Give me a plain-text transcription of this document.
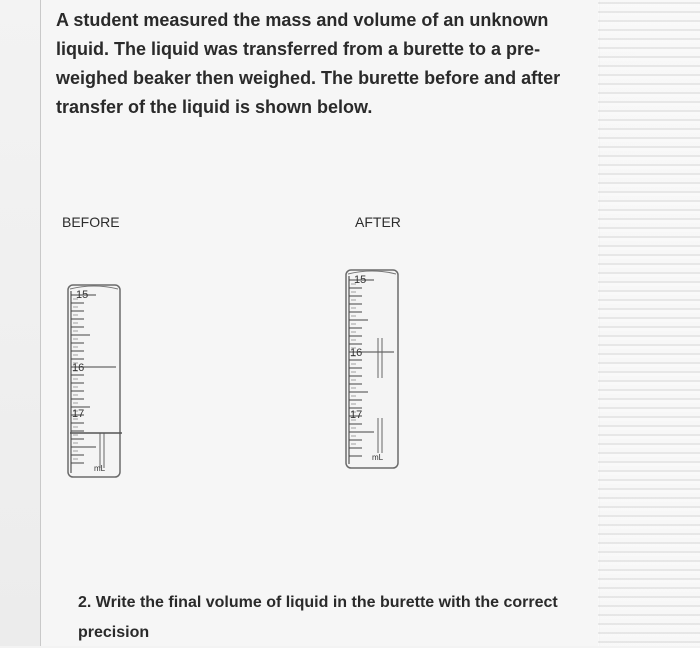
A student measured the mass and volume of an unknown liquid. The liquid was transferred from a burette to a pre-weighed beaker then weighed. The burette before and after transfer of the liquid is shown below.

BEFORE	AFTER
15
16
17
mL
15
16
17
mL

2. Write the final volume of liquid in the burette with the correct precision
